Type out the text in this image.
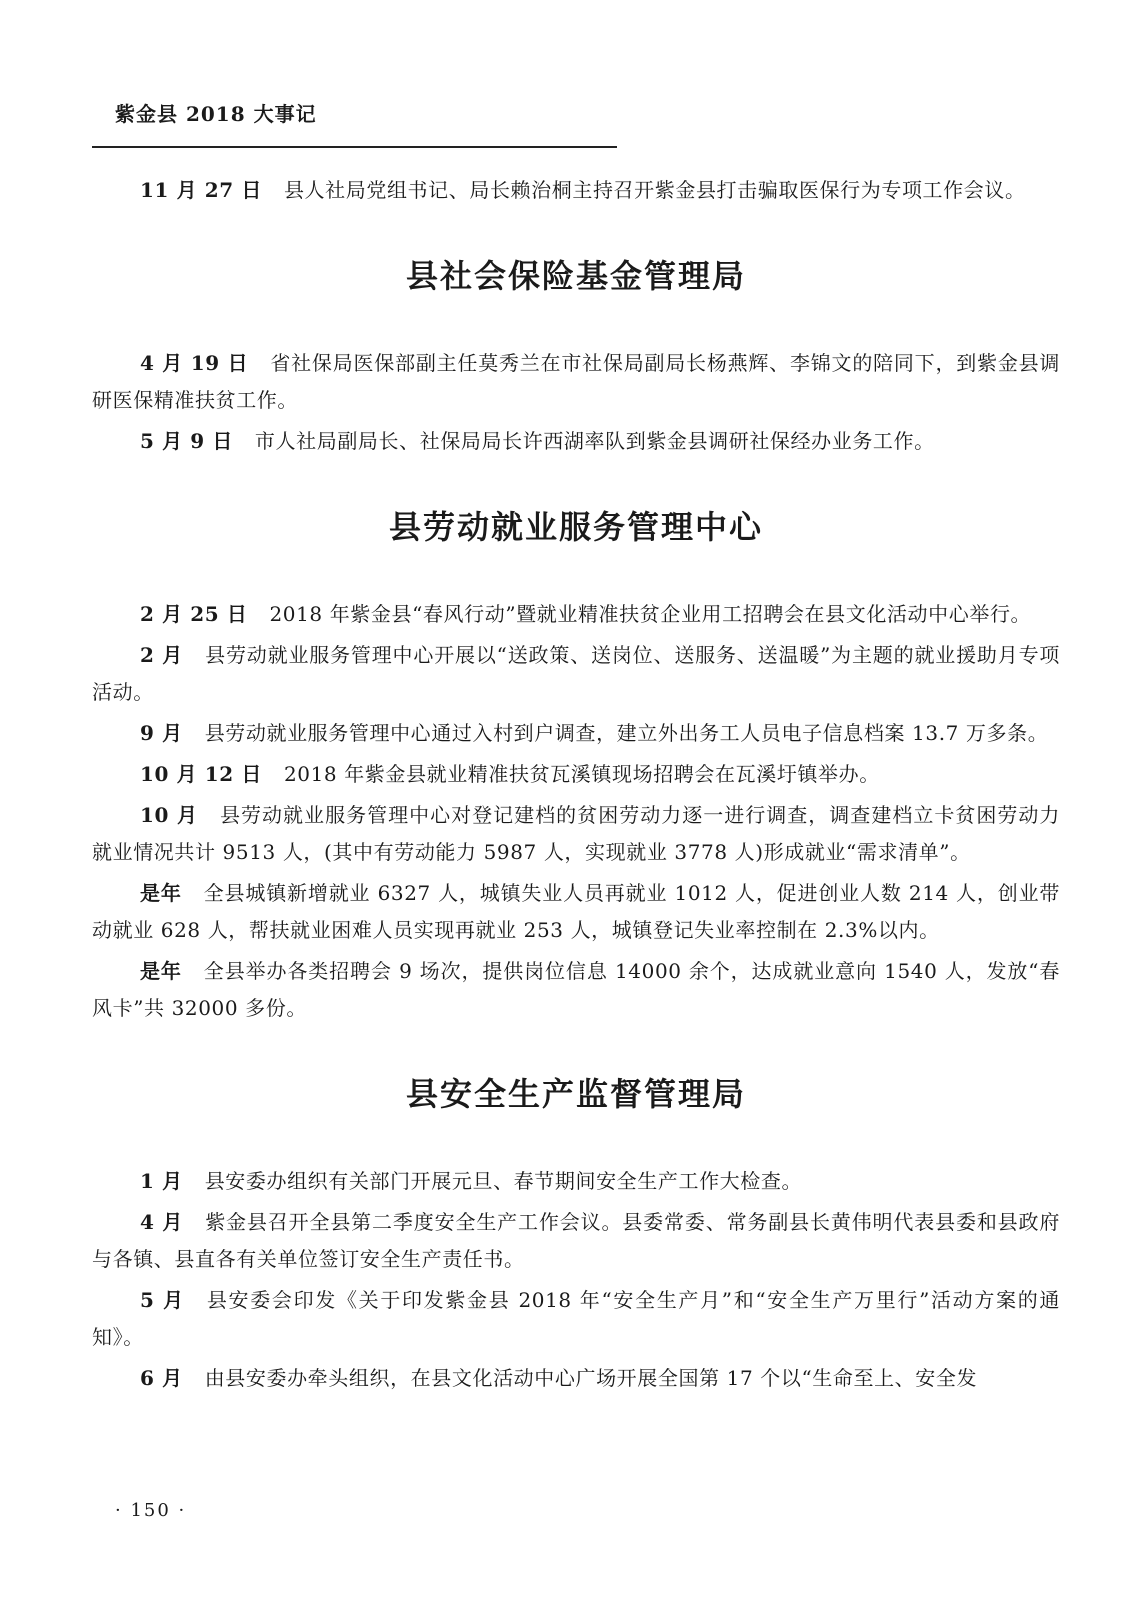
紫金县 2018 大事记

11 月 27 日 县人社局党组书记、局长赖治桐主持召开紫金县打击骗取医保行为专项工作会议。

县社会保险基金管理局

4 月 19 日 省社保局医保部副主任莫秀兰在市社保局副局长杨燕辉、李锦文的陪同下，到紫金县调研医保精准扶贫工作。

5 月 9 日 市人社局副局长、社保局局长许西湖率队到紫金县调研社保经办业务工作。

县劳动就业服务管理中心

2 月 25 日 2018 年紫金县“春风行动”暨就业精准扶贫企业用工招聘会在县文化活动中心举行。

2 月 县劳动就业服务管理中心开展以“送政策、送岗位、送服务、送温暖”为主题的就业援助月专项活动。

9 月 县劳动就业服务管理中心通过入村到户调查，建立外出务工人员电子信息档案 13.7 万多条。

10 月 12 日 2018 年紫金县就业精准扶贫瓦溪镇现场招聘会在瓦溪圩镇举办。

10 月 县劳动就业服务管理中心对登记建档的贫困劳动力逐一进行调查，调查建档立卡贫困劳动力就业情况共计 9513 人，(其中有劳动能力 5987 人，实现就业 3778 人)形成就业“需求清单”。

是年 全县城镇新增就业 6327 人，城镇失业人员再就业 1012 人，促进创业人数 214 人，创业带动就业 628 人，帮扶就业困难人员实现再就业 253 人，城镇登记失业率控制在 2.3%以内。

是年 全县举办各类招聘会 9 场次，提供岗位信息 14000 余个，达成就业意向 1540 人，发放“春风卡”共 32000 多份。

县安全生产监督管理局

1 月 县安委办组织有关部门开展元旦、春节期间安全生产工作大检查。

4 月 紫金县召开全县第二季度安全生产工作会议。县委常委、常务副县长黄伟明代表县委和县政府与各镇、县直各有关单位签订安全生产责任书。

5 月 县安委会印发《关于印发紫金县 2018 年“安全生产月”和“安全生产万里行”活动方案的通知》。

6 月 由县安委办牵头组织，在县文化活动中心广场开展全国第 17 个以“生命至上、安全发

· 150 ·
